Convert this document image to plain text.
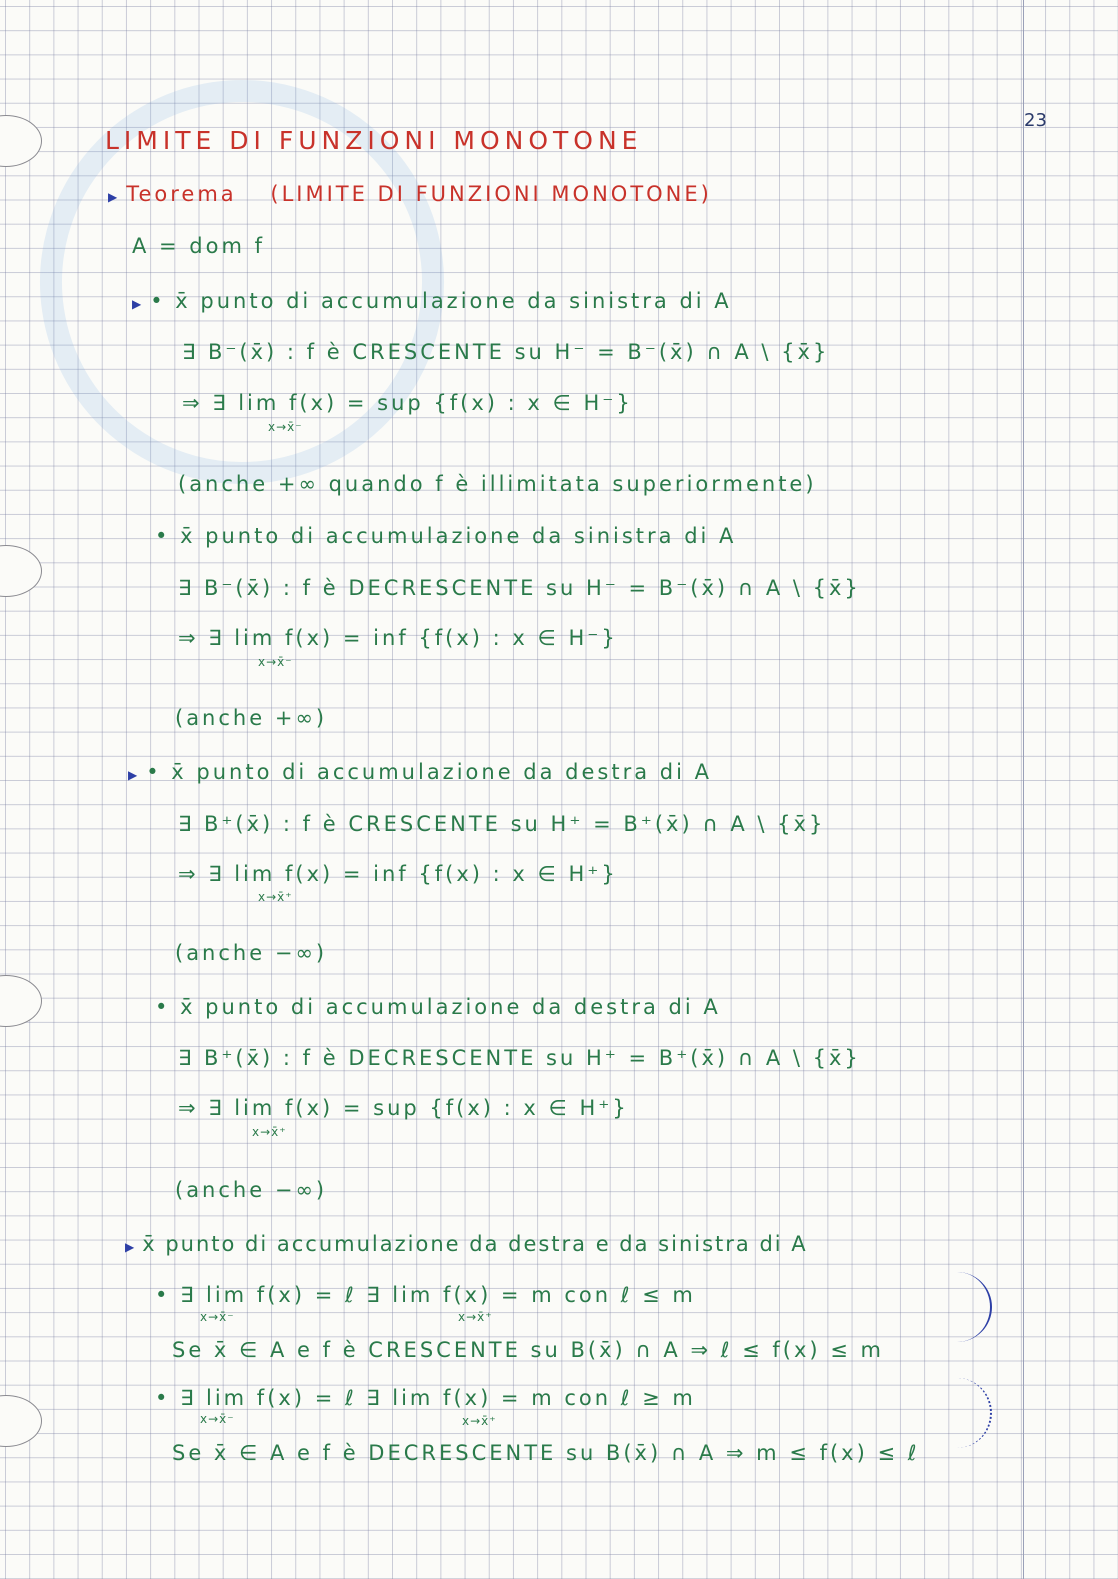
23
LIMITE DI FUNZIONI MONOTONE
▶ Teorema (LIMITE DI FUNZIONI MONOTONE)
A = dom f
▶ • x̄ punto di accumulazione da sinistra di A
∃ B⁻(x̄) : f è CRESCENTE su H⁻ = B⁻(x̄) ∩ A \ {x̄}
⇒ ∃ lim f(x) = sup {f(x) : x ∈ H⁻}
x→x̄⁻
(anche +∞ quando f è illimitata superiormente)
• x̄ punto di accumulazione da sinistra di A
∃ B⁻(x̄) : f è DECRESCENTE su H⁻ = B⁻(x̄) ∩ A \ {x̄}
⇒ ∃ lim f(x) = inf {f(x) : x ∈ H⁻}
x→x̄⁻
(anche +∞)
▶ • x̄ punto di accumulazione da destra di A
∃ B⁺(x̄) : f è CRESCENTE su H⁺ = B⁺(x̄) ∩ A \ {x̄}
⇒ ∃ lim f(x) = inf {f(x) : x ∈ H⁺}
x→x̄⁺
(anche −∞)
• x̄ punto di accumulazione da destra di A
∃ B⁺(x̄) : f è DECRESCENTE su H⁺ = B⁺(x̄) ∩ A \ {x̄}
⇒ ∃ lim f(x) = sup {f(x) : x ∈ H⁺}
x→x̄⁺
(anche −∞)
▶ x̄ punto di accumulazione da destra e da sinistra di A
• ∃ lim f(x) = ℓ ∃ lim f(x) = m con ℓ ≤ m
x→x̄⁻	x→x̄⁺
Se x̄ ∈ A e f è CRESCENTE su B(x̄) ∩ A ⇒ ℓ ≤ f(x) ≤ m
• ∃ lim f(x) = ℓ ∃ lim f(x) = m con ℓ ≥ m
x→x̄⁻	x→x̄⁺
Se x̄ ∈ A e f è DECRESCENTE su B(x̄) ∩ A ⇒ m ≤ f(x) ≤ ℓ
